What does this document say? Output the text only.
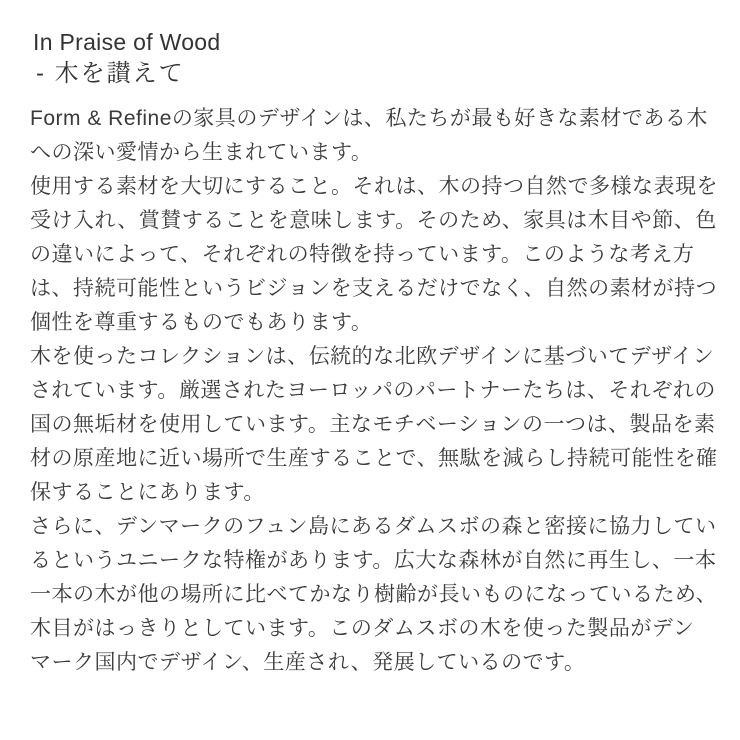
In Praise of Wood
- 木を讃えて
Form & Refineの家具のデザインは、私たちが最も好きな素材である木
への深い愛情から生まれています。
使用する素材を大切にすること。それは、木の持つ自然で多様な表現を
受け入れ、賞賛することを意味します。そのため、家具は木目や節、色
の違いによって、それぞれの特徴を持っています。このような考え方
は、持続可能性というビジョンを支えるだけでなく、自然の素材が持つ
個性を尊重するものでもあります。
木を使ったコレクションは、伝統的な北欧デザインに基づいてデザイン
されています。厳選されたヨーロッパのパートナーたちは、それぞれの
国の無垢材を使用しています。主なモチベーションの一つは、製品を素
材の原産地に近い場所で生産することで、無駄を減らし持続可能性を確
保することにあります。
さらに、デンマークのフュン島にあるダムスボの森と密接に協力してい
るというユニークな特権があります。広大な森林が自然に再生し、一本
一本の木が他の場所に比べてかなり樹齢が長いものになっているため、
木目がはっきりとしています。このダムスボの木を使った製品がデン
マーク国内でデザイン、生産され、発展しているのです。
